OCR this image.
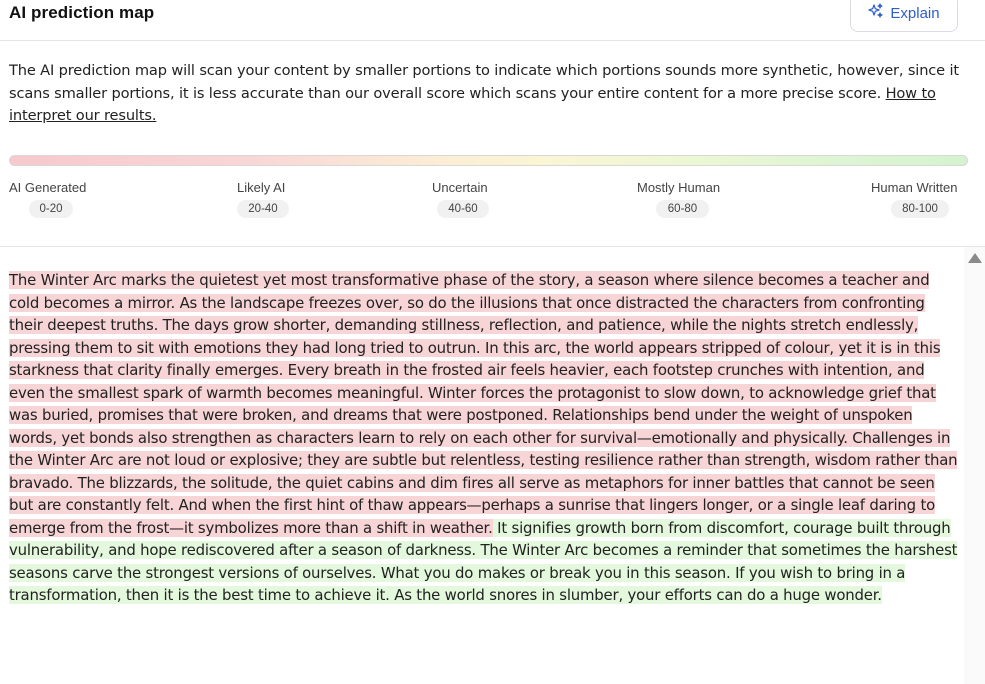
AI prediction map	Explain
The AI prediction map will scan your content by smaller portions to indicate which portions sounds more synthetic, however, since it scans smaller portions, it is less accurate than our overall score which scans your entire content for a more precise score. How to interpret our results.
AI Generated
0-20
Likely AI
20-40
Uncertain
40-60
Mostly Human
60-80
Human Written
80-100
The Winter Arc marks the quietest yet most transformative phase of the story, a season where silence becomes a teacher and cold becomes a mirror. As the landscape freezes over, so do the illusions that once distracted the characters from confronting their deepest truths. The days grow shorter, demanding stillness, reflection, and patience, while the nights stretch endlessly, pressing them to sit with emotions they had long tried to outrun. In this arc, the world appears stripped of colour, yet it is in this starkness that clarity finally emerges. Every breath in the frosted air feels heavier, each footstep crunches with intention, and even the smallest spark of warmth becomes meaningful. Winter forces the protagonist to slow down, to acknowledge grief that was buried, promises that were broken, and dreams that were postponed. Relationships bend under the weight of unspoken words, yet bonds also strengthen as characters learn to rely on each other for survival—emotionally and physically. Challenges in the Winter Arc are not loud or explosive; they are subtle but relentless, testing resilience rather than strength, wisdom rather than bravado. The blizzards, the solitude, the quiet cabins and dim fires all serve as metaphors for inner battles that cannot be seen but are constantly felt. And when the first hint of thaw appears—perhaps a sunrise that lingers longer, or a single leaf daring to emerge from the frost—it symbolizes more than a shift in weather. It signifies growth born from discomfort, courage built through vulnerability, and hope rediscovered after a season of darkness. The Winter Arc becomes a reminder that sometimes the harshest seasons carve the strongest versions of ourselves. What you do makes or break you in this season. If you wish to bring in a transformation, then it is the best time to achieve it. As the world snores in slumber, your efforts can do a huge wonder.
